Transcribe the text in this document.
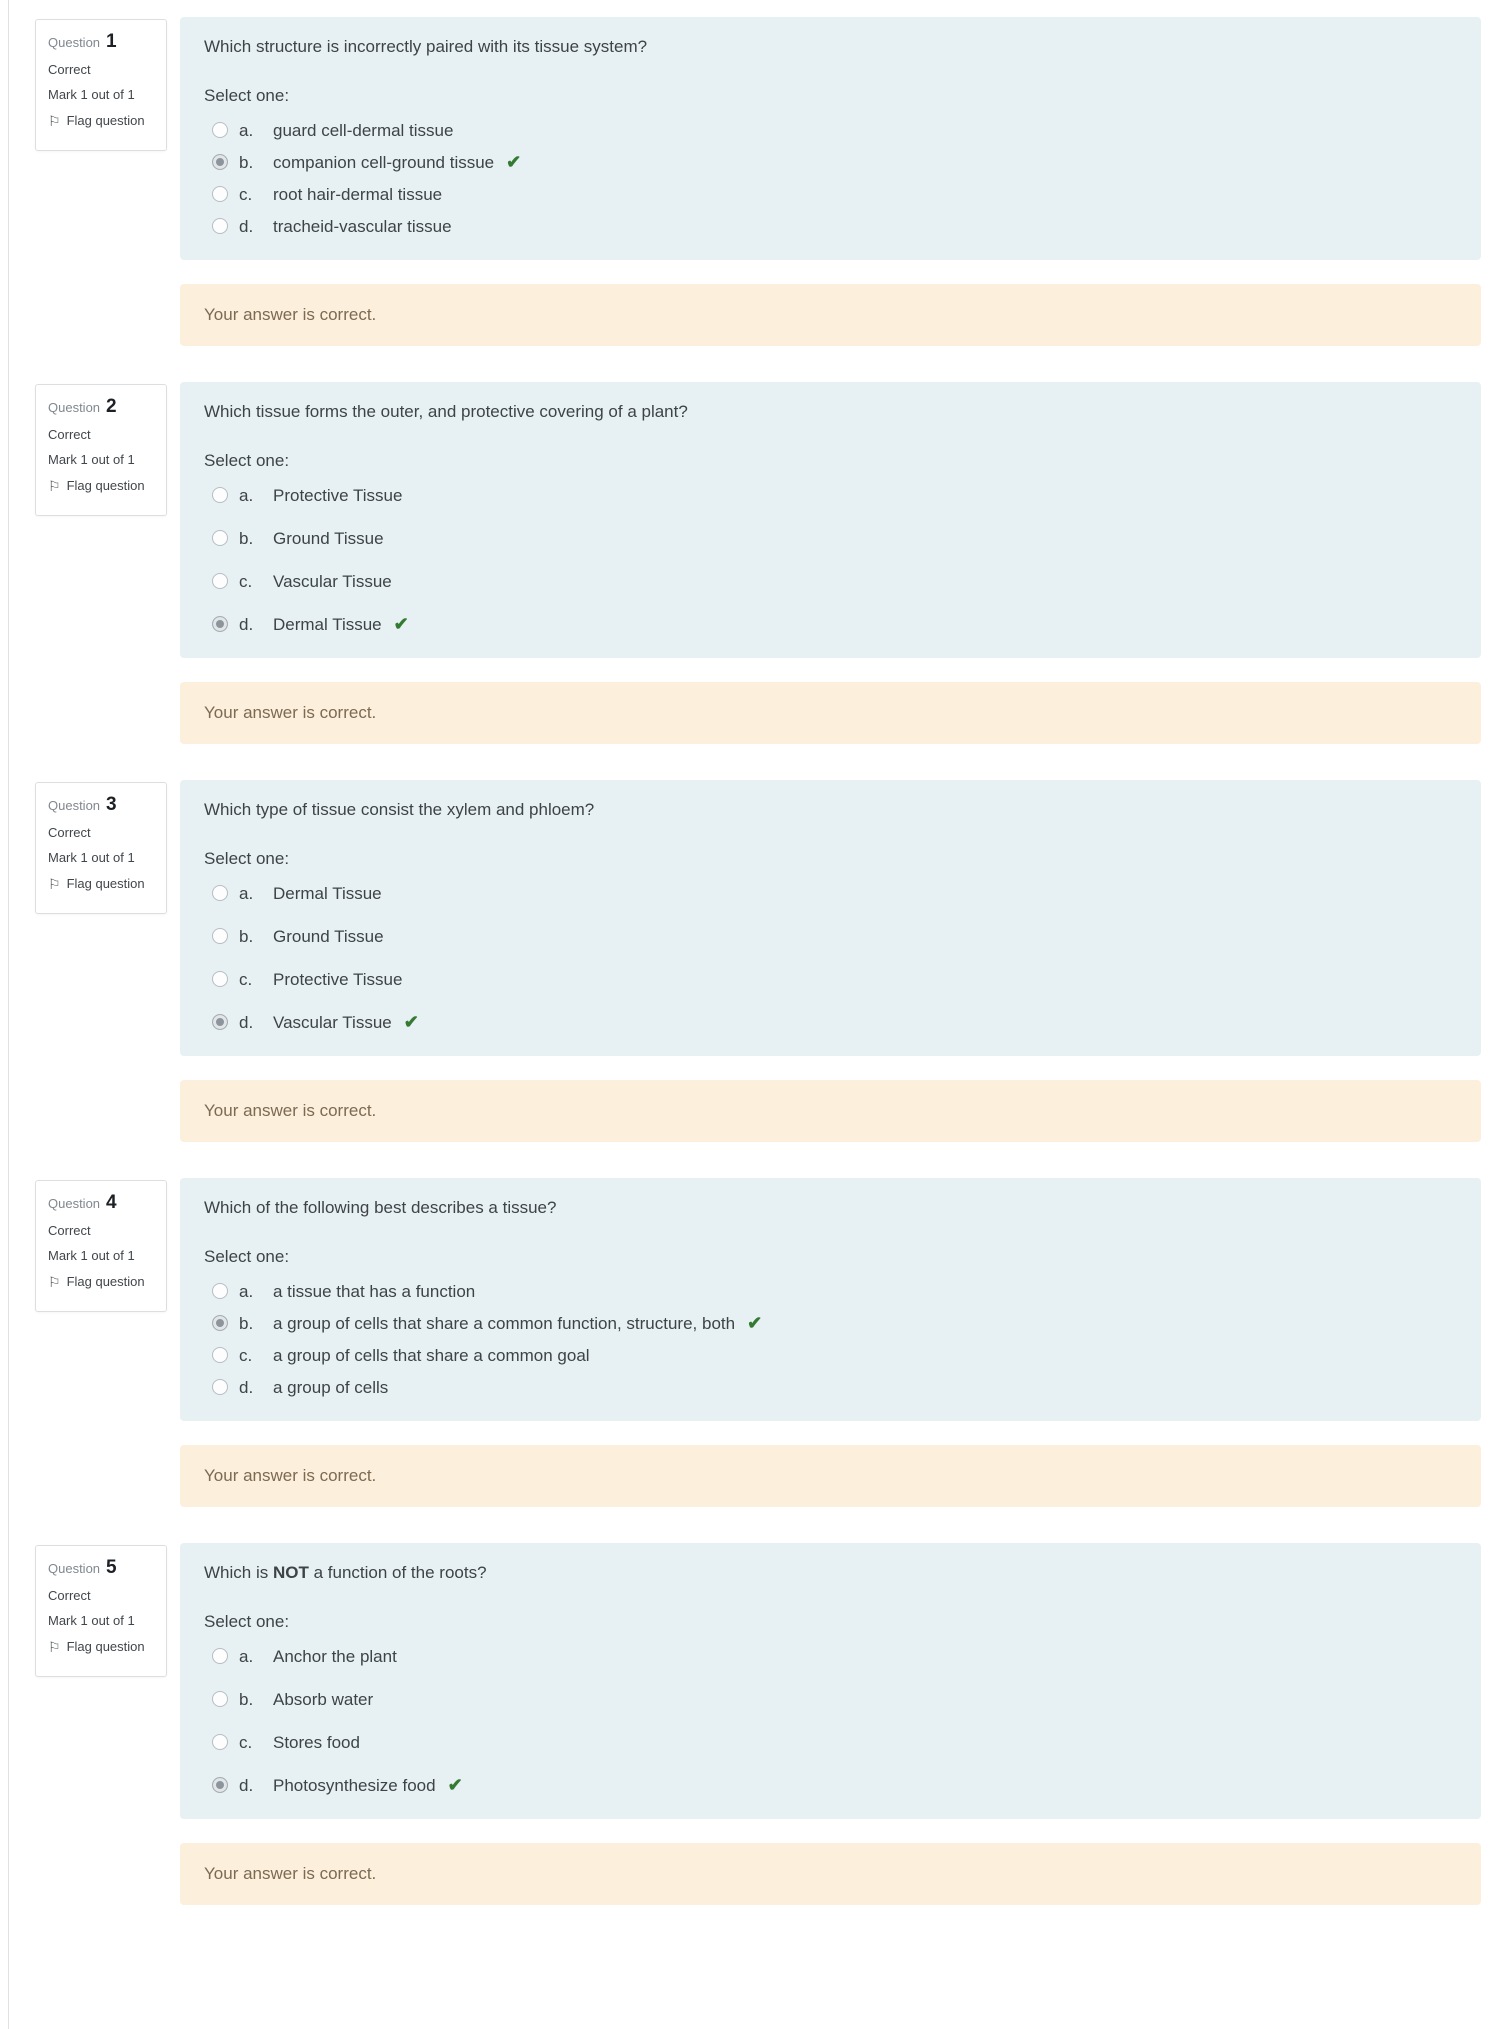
Question 1
Correct
Mark 1 out of 1
⚐ Flag question

Which structure is incorrectly paired with its tissue system?

Select one:
a.	guard cell-dermal tissue
b.	companion cell-ground tissue ✔
c.	root hair-dermal tissue
d.	tracheid-vascular tissue
Your answer is correct.
Question 2
Correct
Mark 1 out of 1
⚐ Flag question

Which tissue forms the outer, and protective covering of a plant?

Select one:
a.	Protective Tissue
b.	Ground Tissue
c.	Vascular Tissue
d.	Dermal Tissue ✔
Your answer is correct.
Question 3
Correct
Mark 1 out of 1
⚐ Flag question

Which type of tissue consist the xylem and phloem?

Select one:
a.	Dermal Tissue
b.	Ground Tissue
c.	Protective Tissue
d.	Vascular Tissue ✔
Your answer is correct.
Question 4
Correct
Mark 1 out of 1
⚐ Flag question

Which of the following best describes a tissue?

Select one:
a.	a tissue that has a function
b.	a group of cells that share a common function, structure, both ✔
c.	a group of cells that share a common goal
d.	a group of cells
Your answer is correct.
Question 5
Correct
Mark 1 out of 1
⚐ Flag question

Which is NOT a function of the roots?

Select one:
a.	Anchor the plant
b.	Absorb water
c.	Stores food
d.	Photosynthesize food ✔
Your answer is correct.
